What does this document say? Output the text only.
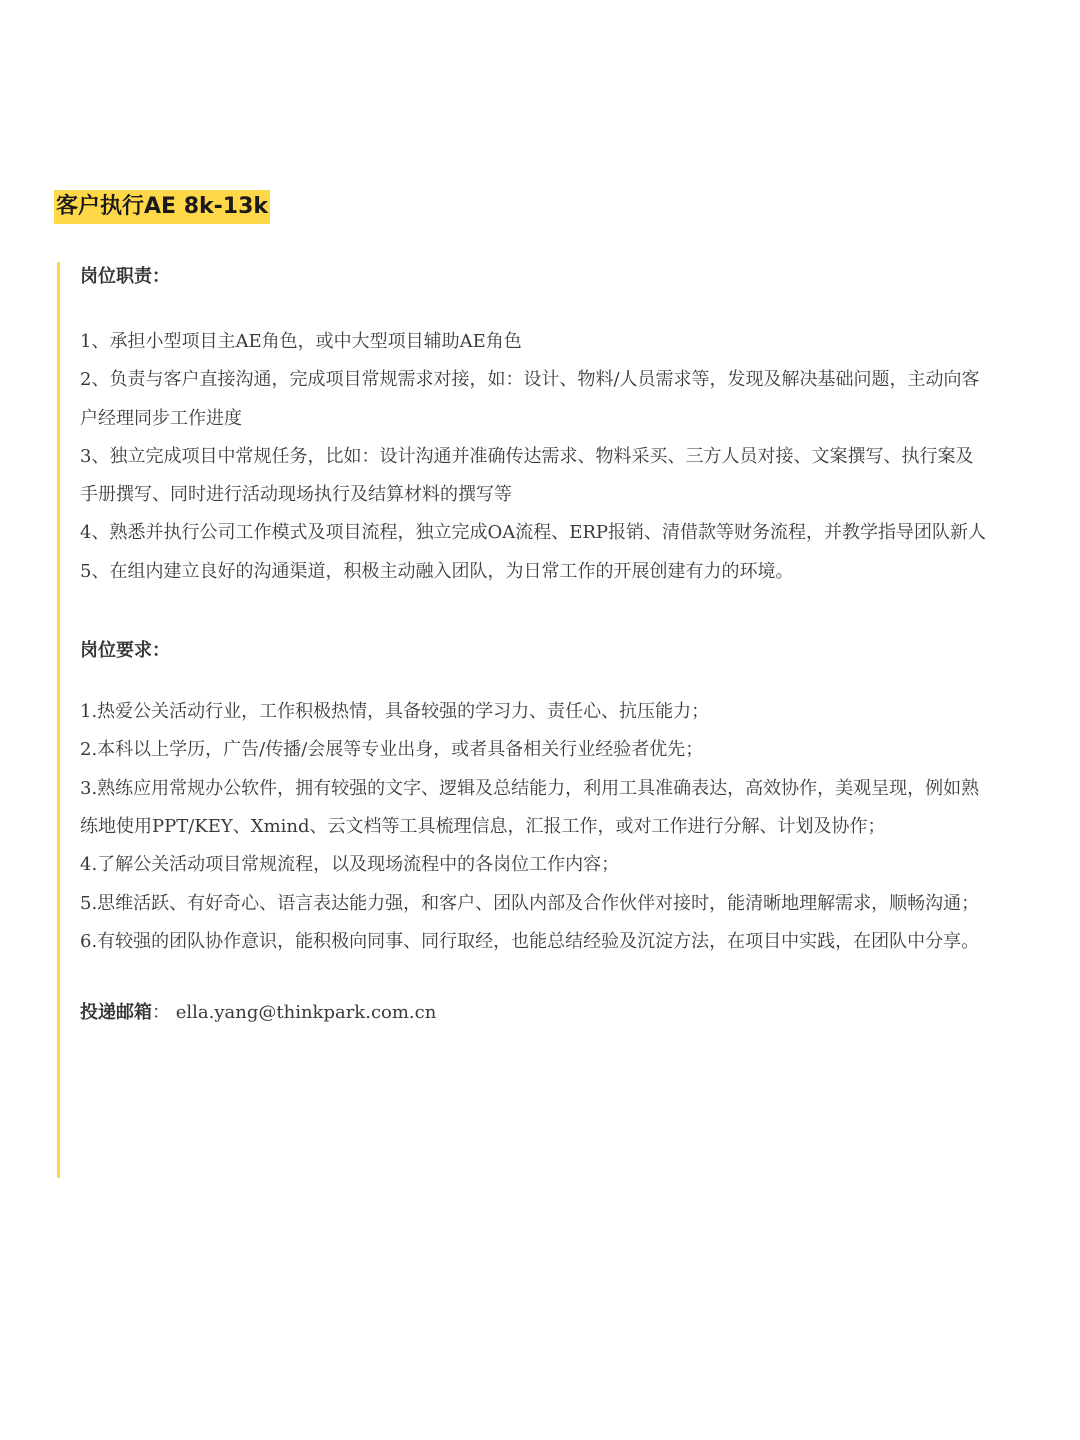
客户执行AE 8k-13k
岗位职责：
1、承担小型项目主AE角色，或中大型项目辅助AE角色
2、负责与客户直接沟通，完成项目常规需求对接，如：设计、物料/人员需求等，发现及解决基础问题，主动向客户经理同步工作进度
3、独立完成项目中常规任务，比如：设计沟通并准确传达需求、物料采买、三方人员对接、文案撰写、执行案及手册撰写、同时进行活动现场执行及结算材料的撰写等
4、熟悉并执行公司工作模式及项目流程，独立完成OA流程、ERP报销、清借款等财务流程，并教学指导团队新人
5、在组内建立良好的沟通渠道，积极主动融入团队，为日常工作的开展创建有力的环境。
岗位要求：
1.热爱公关活动行业，工作积极热情，具备较强的学习力、责任心、抗压能力；
2.本科以上学历，广告/传播/会展等专业出身，或者具备相关行业经验者优先；
3.熟练应用常规办公软件，拥有较强的文字、逻辑及总结能力，利用工具准确表达，高效协作，美观呈现，例如熟练地使用PPT/KEY、Xmind、云文档等工具梳理信息，汇报工作，或对工作进行分解、计划及协作；
4.了解公关活动项目常规流程，以及现场流程中的各岗位工作内容；
5.思维活跃、有好奇心、语言表达能力强，和客户、团队内部及合作伙伴对接时，能清晰地理解需求，顺畅沟通；
6.有较强的团队协作意识，能积极向同事、同行取经，也能总结经验及沉淀方法，在项目中实践，在团队中分享。
投递邮箱： ella.yang@thinkpark.com.cn
